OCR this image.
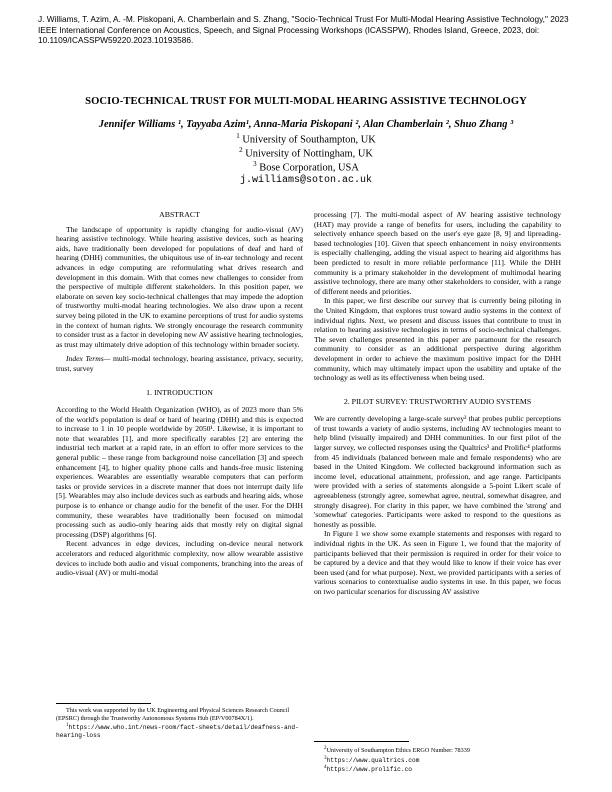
J. Williams, T. Azim, A. -M. Piskopani, A. Chamberlain and S. Zhang, "Socio-Technical Trust For Multi-Modal Hearing Assistive Technology," 2023 IEEE International Conference on Acoustics, Speech, and Signal Processing Workshops (ICASSPW), Rhodes Island, Greece, 2023, doi: 10.1109/ICASSPW59220.2023.10193586.
SOCIO-TECHNICAL TRUST FOR MULTI-MODAL HEARING ASSISTIVE TECHNOLOGY
Jennifer Williams ¹, Tayyaba Azim¹, Anna-Maria Piskopani ², Alan Chamberlain ², Shuo Zhang ³
$^1$ University of Southampton, UK
$^2$ University of Nottingham, UK
$^3$ Bose Corporation, USA
j.williams@soton.ac.uk
ABSTRACT

The landscape of opportunity is rapidly changing for audio-visual (AV) hearing assistive technology. While hearing assistive devices, such as hearing aids, have traditionally been developed for populations of deaf and hard of hearing (DHH) communities, the ubiquitous use of in-ear technology and recent advances in edge computing are reformulating what drives research and development in this domain. With that comes new challenges to consider from the perspective of multiple different stakeholders. In this position paper, we elaborate on seven key socio-technical challenges that may impede the adoption of trustworthy multi-modal hearing technologies. We also draw upon a recent survey being piloted in the UK to examine perceptions of trust for audio systems in the context of human rights. We strongly encourage the research community to consider trust as a factor in developing new AV assistive hearing technologies, as trust may ultimately drive adoption of this technology within broader society.

Index Terms— multi-modal technology, hearing assistance, privacy, security, trust, survey

1. INTRODUCTION

According to the World Health Organization (WHO), as of 2023 more than 5% of the world's population is deaf or hard of hearing (DHH) and this is expected to increase to 1 in 10 people worldwide by 2050¹. Likewise, it is important to note that wearables [1], and more specifically earables [2] are entering the industrial tech market at a rapid rate, in an effort to offer more services to the general public – these range from background noise cancellation [3] and speech enhancement [4], to higher quality phone calls and hands-free music listening experiences. Wearables are essentially wearable computers that can perform tasks or provide services in a discrete manner that does not interrupt daily life [5]. Wearables may also include devices such as earbuds and hearing aids, whose purpose is to enhance or change audio for the benefit of the user. For the DHH community, these wearables have traditionally been focused on mimodal processing such as audio-only hearing aids that mostly rely on digital signal processing (DSP) algorithms [6].

Recent advances in edge devices, including on-device neural network accelerators and reduced algorithmic complexity, now allow wearable assistive devices to include both audio and visual components, branching into the areas of audio-visual (AV) or multi-modal

This work was supported by the UK Engineering and Physical Sciences Research Council (EPSRC) through the Trustworthy Autonomous Systems Hub (EP/V00784X/1).

$^1$https://www.who.int/news-room/fact-sheets/detail/deafness-and-hearing-loss

processing [7]. The multi-modal aspect of AV hearing assistive technology (HAT) may provide a range of benefits for users, including the capability to selectively enhance speech based on the user's eye gaze [8, 9] and lipreading-based technologies [10]. Given that speech enhancement in noisy environments is especially challenging, adding the visual aspect to hearing aid algorithms has been predicted to result in more reliable performance [11]. While the DHH community is a primary stakeholder in the development of multimodal hearing assistive technology, there are many other stakeholders to consider, with a range of different needs and priorities.

In this paper, we first describe our survey that is currently being piloting in the United Kingdom, that explores trust toward audio systems in the context of individual rights. Next, we present and discuss issues that contribute to trust in relation to hearing assistive technologies in terms of socio-technical challenges. The seven challenges presented in this paper are paramount for the research community to consider as an additional perspective during algorithm development in order to achieve the maximum positive impact for the DHH community, which may ultimately impact upon the usability and uptake of the technology as well as its effectiveness when being used.

2. PILOT SURVEY: TRUSTWORTHY AUDIO SYSTEMS

We are currently developing a large-scale survey² that probes public perceptions of trust towards a variety of audio systems, including AV technologies meant to help blind (visually impaired) and DHH communities. In our first pilot of the larger survey, we collected responses using the Qualtrics³ and Prolific⁴ platforms from 45 individuals (balanced between male and female respondents) who are based in the United Kingdom. We collected background information such as income level, educational attainment, profession, and age range. Participants were provided with a series of statements alongside a 5-point Likert scale of agreeableness (strongly agree, somewhat agree, neutral, somewhat disagree, and strongly disagree). For clarity in this paper, we have combined the 'strong' and 'somewhat' categories. Participants were asked to respond to the questions as honestly as possible.

In Figure 1 we show some example statements and responses with regard to individual rights in the UK. As seen in Figure 1, we found that the majority of participants believed that their permission is required in order for their voice to be captured by a device and that they would like to know if their voice has ever been used (and for what purpose). Next, we provided participants with a series of various scenarios to contextualise audio systems in use. In this paper, we focus on two particular scenarios for discussing AV assistive

$^2$University of Southampton Ethics ERGO Number: 78339

$^3$https://www.qualtrics.com

$^4$https://www.prolific.co
